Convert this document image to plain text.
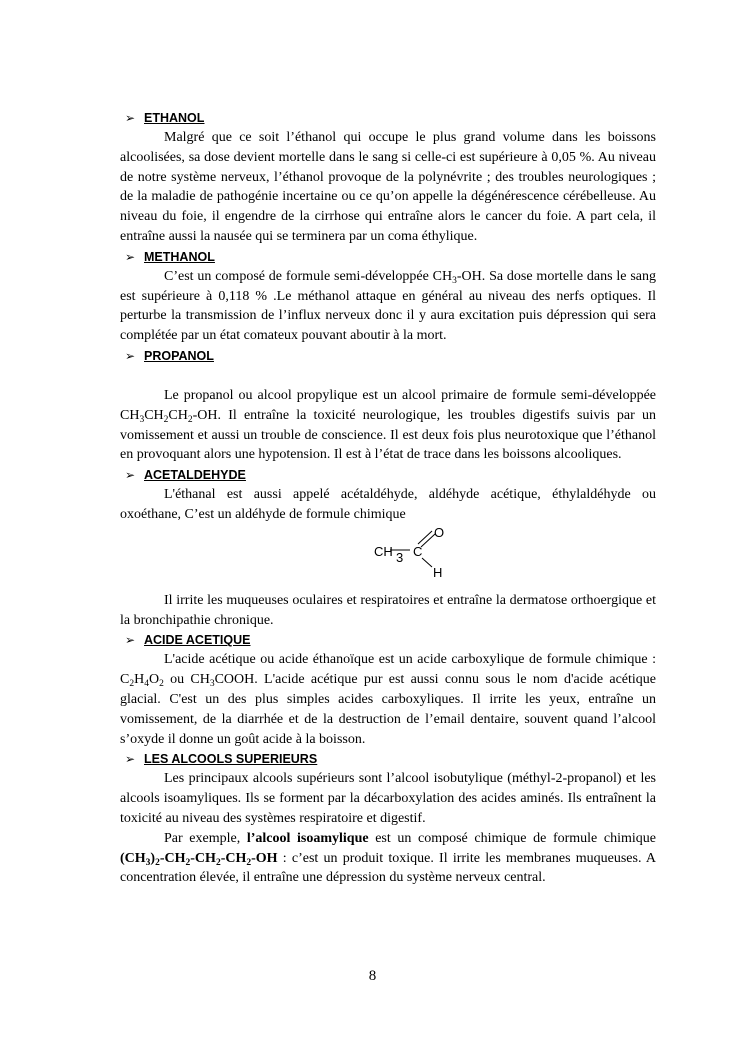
➢ ETHANOL

Malgré que ce soit l’éthanol qui occupe le plus grand volume dans les boissons alcoolisées, sa dose devient mortelle dans le sang si celle-ci est supérieure à 0,05 %. Au niveau de notre système nerveux, l’éthanol provoque de la polynévrite ; des troubles neurologiques ; de la maladie de pathogénie incertaine ou ce qu’on appelle la dégénérescence cérébelleuse. Au niveau du foie, il engendre de la cirrhose qui entraîne alors le cancer du foie. A part cela, il entraîne aussi la nausée qui se terminera par un coma éthylique.

➢ METHANOL

C’est un composé de formule semi-développée $CH_3-OH$. Sa dose mortelle dans le sang est supérieure à 0,118 % .Le méthanol attaque en général au niveau des nerfs optiques. Il perturbe la transmission de l’influx nerveux donc il y aura excitation puis dépression qui sera complétée par un état comateux pouvant aboutir à la mort.

➢ PROPANOL

Le propanol ou alcool propylique est un alcool primaire de formule semi-développée $CH_3CH_2CH_2-OH$. Il entraîne la toxicité neurologique, les troubles digestifs suivis par un vomissement et aussi un trouble de conscience. Il est deux fois plus neurotoxique que l’éthanol en provoquant alors une hypotension. Il est à l’état de trace dans les boissons alcooliques.

➢ ACETALDEHYDE

L'éthanal est aussi appelé acétaldéhyde, aldéhyde acétique, éthylaldéhyde ou oxoéthane, C’est un aldéhyde de formule chimique

CH 3 C
O
H

Il irrite les muqueuses oculaires et respiratoires et entraîne la dermatose orthoergique et la bronchipathie chronique.

➢ ACIDE ACETIQUE

L'acide acétique ou acide éthanoïque est un acide carboxylique de formule chimique : $C_2H_4O_2$ ou $CH_3COOH$. L'acide acétique pur est aussi connu sous le nom d'acide acétique glacial. C'est un des plus simples acides carboxyliques. Il irrite les yeux, entraîne un vomissement, de la diarrhée et de la destruction de l’email dentaire, souvent quand l’alcool s’oxyde il donne un goût acide à la boisson.

➢ LES ALCOOLS SUPERIEURS

Les principaux alcools supérieurs sont l’alcool isobutylique (méthyl-2-propanol) et les alcools isoamyliques. Ils se forment par la décarboxylation des acides aminés. Ils entraînent la toxicité au niveau des systèmes respiratoire et digestif.

Par exemple, l’alcool isoamylique est un composé chimique de formule chimique $(CH_3)_2-CH_2-CH_2-CH_2-OH$ : c’est un produit toxique. Il irrite les membranes muqueuses. A concentration élevée, il entraîne une dépression du système nerveux central.

8
